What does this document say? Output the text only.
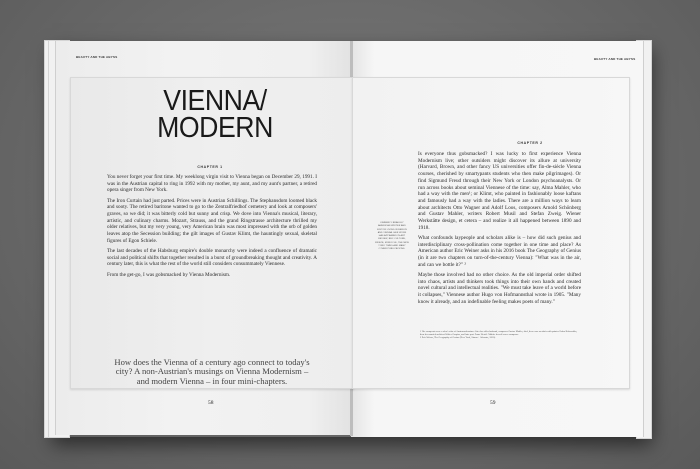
BEAUTY AND THE ABYSS
VIENNA/
MODERN
CHAPTER 1

You never forget your first time. My weeklong virgin visit to Vienna began on December 29, 1991. I was in the Austrian capital to ring in 1992 with my mother, my aunt, and my aunt's partner, a retired opera singer from New York.

The Iron Curtain had just parted. Prices were in Austrian Schillings. The Stephansdom loomed black and sooty. The retired baritone wanted to go to the Zentralfriedhof cemetery and look at composers' graves, so we did; it was bitterly cold but sunny and crisp. We dove into Vienna's musical, literary, artistic, and culinary charms. Mozart, Strauss, and the grand Ringstrasse architecture thrilled my older relatives, but my very young, very American brain was most impressed with the orb of golden leaves atop the Secession building; the gilt images of Gustav Klimt, the hauntingly sexual, skeletal figures of Egon Schiele.

The last decades of the Habsburg empire's double monarchy were indeed a confluence of dramatic social and political shifts that together resulted in a burst of groundbreaking thought and creativity. A century later, this is what the rest of the world still considers consummately Viennese.

From the get-go, I was gobsmacked by Vienna Modernism.

How does the Vienna of a century ago connect to today's city? A non-Austrian's musings on Vienna Modernism – and modern Vienna – in four mini-chapters.
58
KIMBERLY BRADLEY AMERICAN WRITER AND EDITOR LIVING IN BERLIN AND VIENNA. HER WORK HAS APPEARED IN ART REVIEW, BBC CULTURE, FRIEZE, MONOCLE, THE NEW YORK TIMES AND MANY OTHER PUBLICATIONS.
BEAUTY AND THE ABYSS
CHAPTER 2

Is everyone thus gobsmacked? I was lucky to first experience Vienna Modernism live; other outsiders might discover its allure at university (Harvard, Brown, and other fancy US universities offer fin-de-siècle Vienna courses, cherished by smartypants students who then make pilgrimages). Or find Sigmund Freud through their New York or London psychoanalysts. Or run across books about seminal Viennese of the time: say, Alma Mahler, who had a way with the men¹; or Klimt, who painted in fashionably loose kaftans and famously had a way with the ladies. There are a million ways to learn about architects Otto Wagner and Adolf Loos, composers Arnold Schönberg and Gustav Mahler, writers Robert Musil and Stefan Zweig. Wiener Werkstätte design, et cetera – and realize it all happened between 1890 and 1918.

What confounds laypeople and scholars alike is – how did such genius and interdisciplinary cross-pollination come together in one time and place? As American author Eric Weiner asks in his 2016 book The Geography of Genius (in it are two chapters on turn-of-the-century Vienna): "What was in the air, and can we bottle it?" ²

Maybe those involved had no other choice. As the old imperial order shifted into chaos, artists and thinkers took things into their own hands and created novel cultural and intellectual realities. "We must take leave of a world before it collapses," Viennese author Hugo von Hofmannsthal wrote in 1905. "Many know it already, and an indefinable feeling makes poets of many."

1 Her conquests were a who's who of Austromodernism. After her older husband, composer Gustav Mahler, died, there was an affair with painter Oskar Kokoschka, then she married architect Walter Gropius, and later poet Franz Werfel. Mahler herself was a composer.
2 Eric Weiner, The Geography of Genius (New York, Simon + Schuster, 2016).
59
